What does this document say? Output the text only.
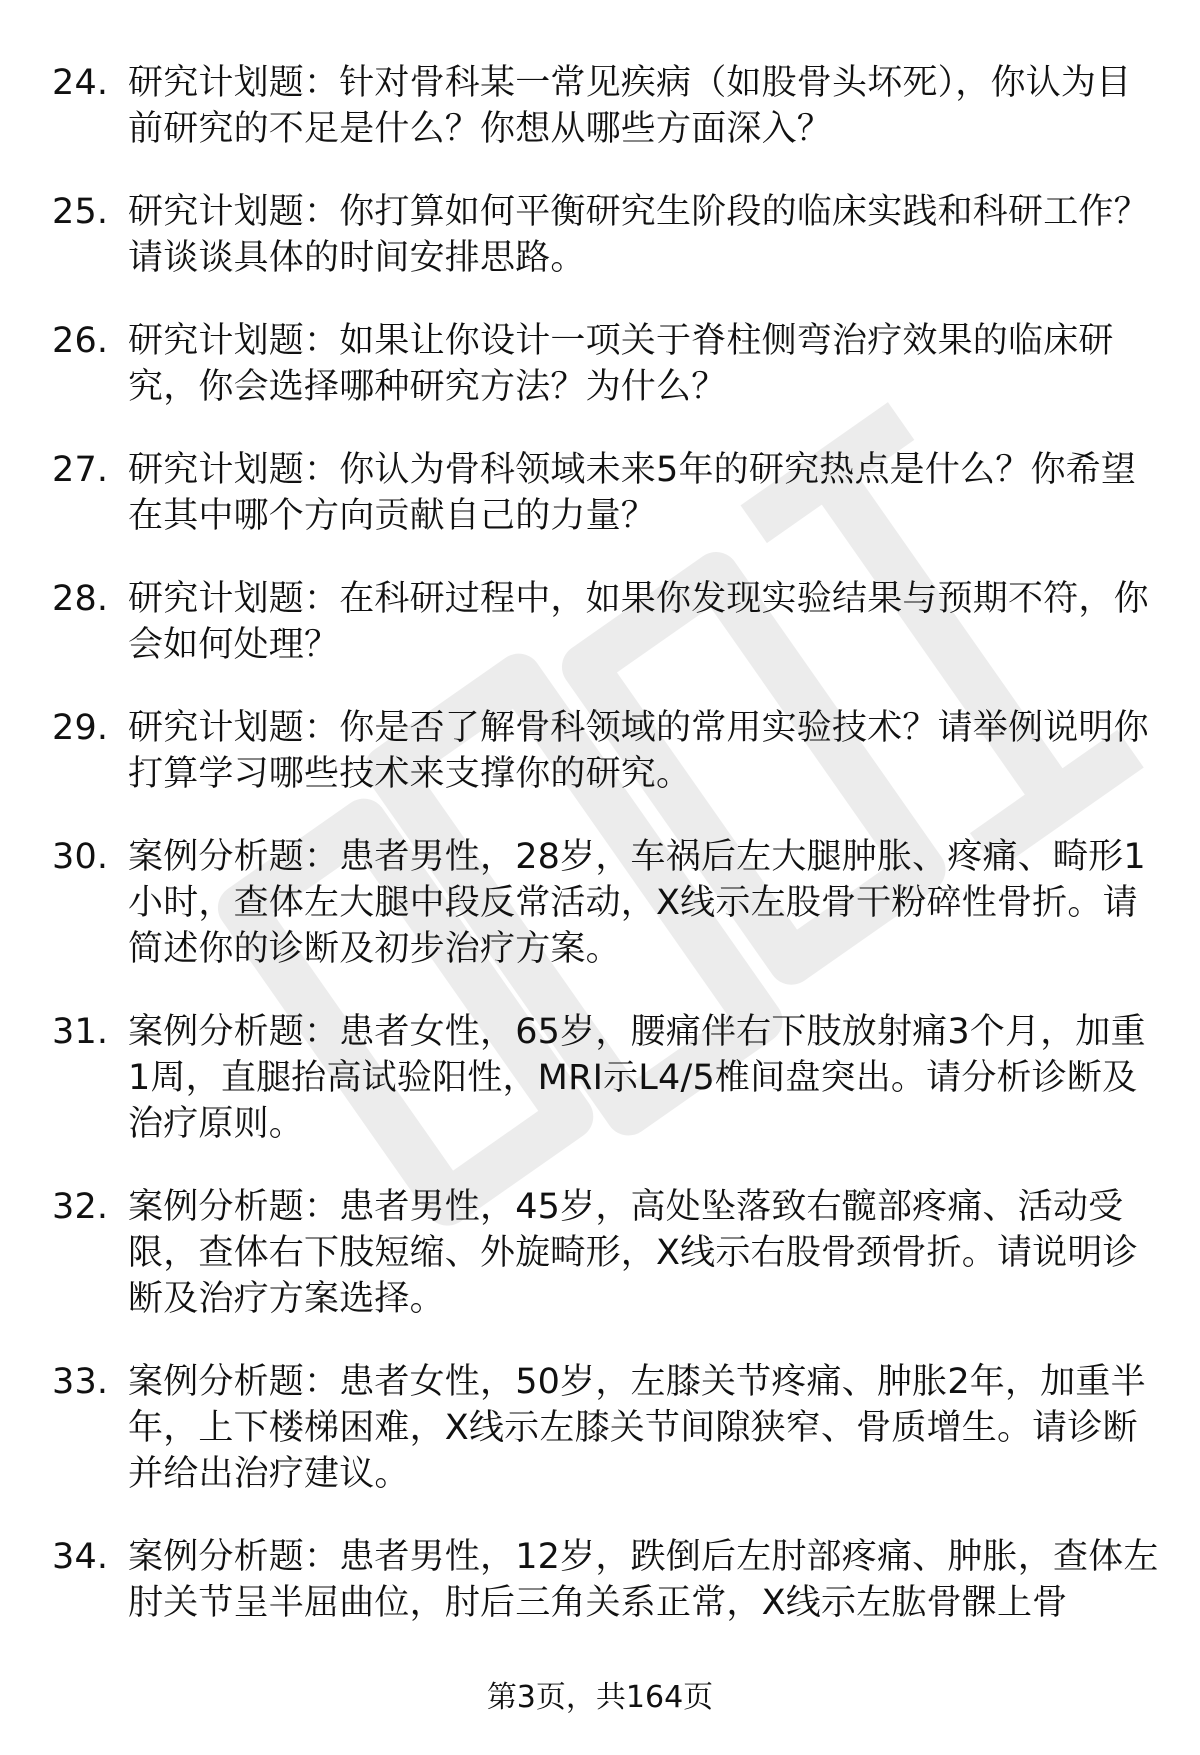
24. 研究计划题：针对骨科某一常见疾病（如股骨头坏死），你认为目前研究的不足是什么？你想从哪些方面深入？
25. 研究计划题：你打算如何平衡研究生阶段的临床实践和科研工作？请谈谈具体的时间安排思路。
26. 研究计划题：如果让你设计一项关于脊柱侧弯治疗效果的临床研究，你会选择哪种研究方法？为什么？
27. 研究计划题：你认为骨科领域未来5年的研究热点是什么？你希望在其中哪个方向贡献自己的力量？
28. 研究计划题：在科研过程中，如果你发现实验结果与预期不符，你会如何处理？
29. 研究计划题：你是否了解骨科领域的常用实验技术？请举例说明你打算学习哪些技术来支撑你的研究。
30. 案例分析题：患者男性，28岁，车祸后左大腿肿胀、疼痛、畸形1小时，查体左大腿中段反常活动，X线示左股骨干粉碎性骨折。请简述你的诊断及初步治疗方案。
31. 案例分析题：患者女性，65岁，腰痛伴右下肢放射痛3个月，加重1周，直腿抬高试验阳性，MRI示L4/5椎间盘突出。请分析诊断及治疗原则。
32. 案例分析题：患者男性，45岁，高处坠落致右髋部疼痛、活动受限，查体右下肢短缩、外旋畸形，X线示右股骨颈骨折。请说明诊断及治疗方案选择。
33. 案例分析题：患者女性，50岁，左膝关节疼痛、肿胀2年，加重半年，上下楼梯困难，X线示左膝关节间隙狭窄、骨质增生。请诊断并给出治疗建议。
34. 案例分析题：患者男性，12岁，跌倒后左肘部疼痛、肿胀，查体左肘关节呈半屈曲位，肘后三角关系正常，X线示左肱骨髁上骨
第3页，共164页
